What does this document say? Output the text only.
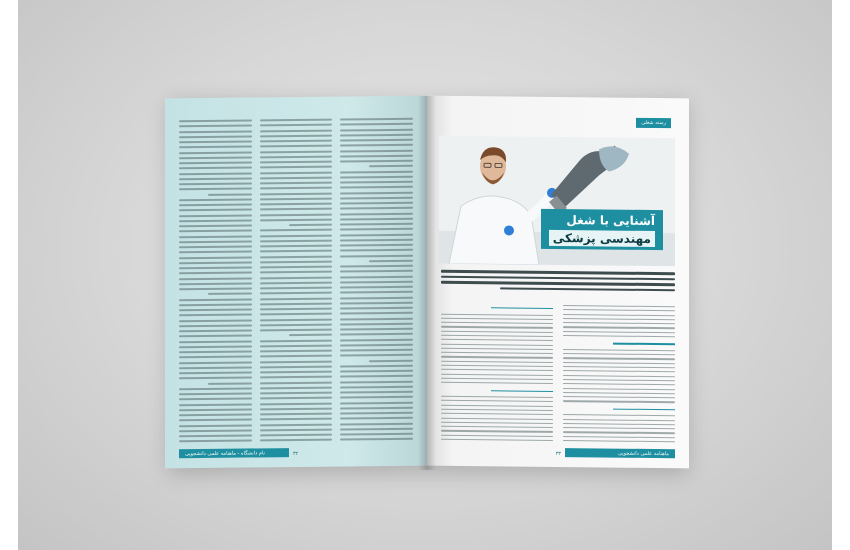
نام دانشگاه - ماهنامه علمی دانشجویی	۳۲
رسته شغلی
آشنایی با شغل
مهندسی پزشکی
ماهنامه علمی دانشجویی
۳۳
